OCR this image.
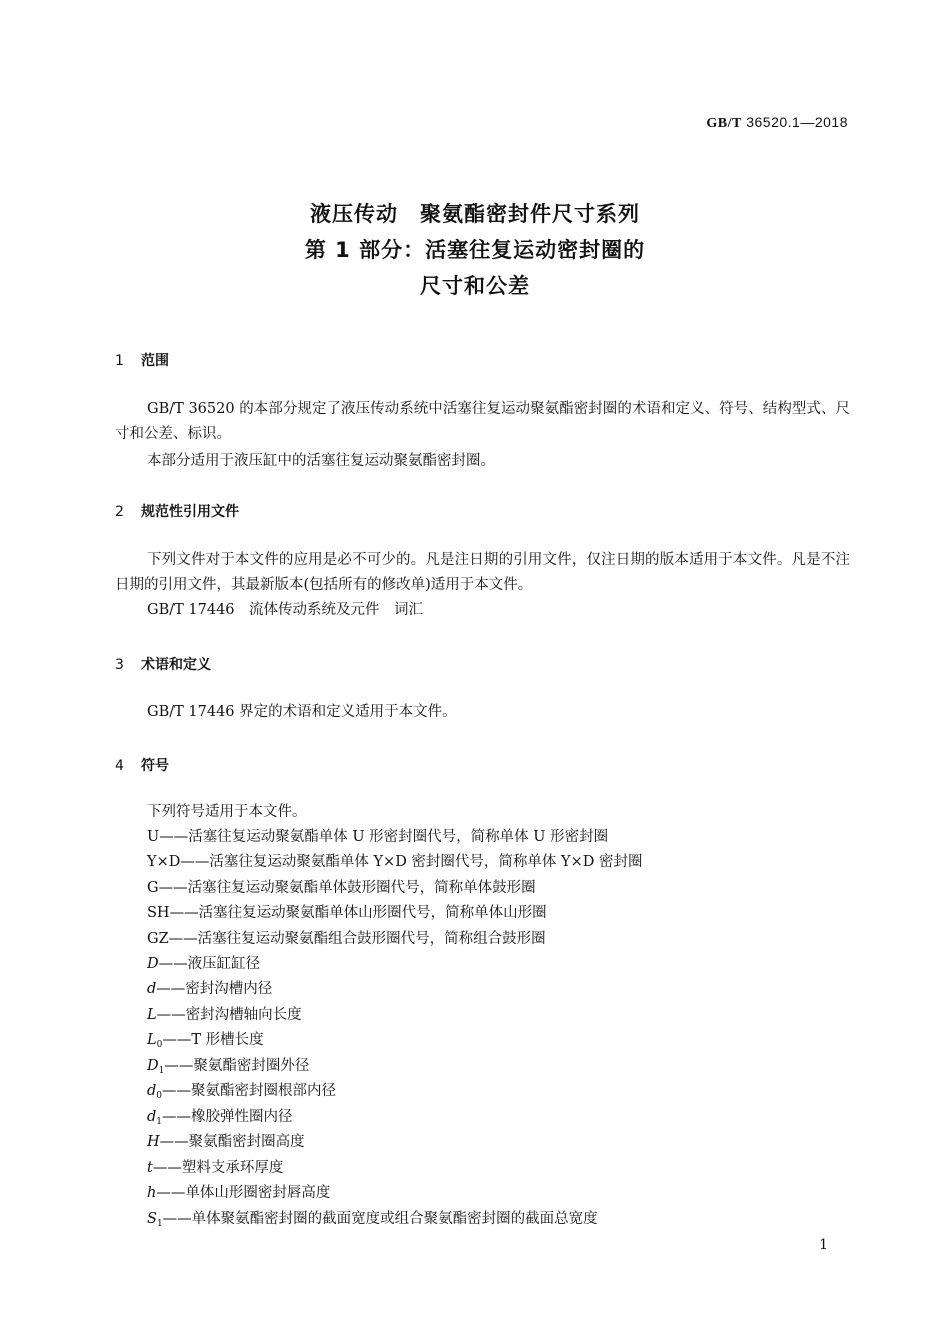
GB/T 36520.1—2018
液压传动　聚氨酯密封件尺寸系列
第 1 部分：活塞往复运动密封圈的
尺寸和公差
1 范围
GB/T 36520 的本部分规定了液压传动系统中活塞往复运动聚氨酯密封圈的术语和定义、符号、结构型式、尺寸和公差、标识。
本部分适用于液压缸中的活塞往复运动聚氨酯密封圈。
2 规范性引用文件
下列文件对于本文件的应用是必不可少的。凡是注日期的引用文件，仅注日期的版本适用于本文件。凡是不注日期的引用文件，其最新版本(包括所有的修改单)适用于本文件。
GB/T 17446　流体传动系统及元件　词汇
3 术语和定义
GB/T 17446 界定的术语和定义适用于本文件。
4 符号
下列符号适用于本文件。
U——活塞往复运动聚氨酯单体 U 形密封圈代号，简称单体 U 形密封圈
Y×D——活塞往复运动聚氨酯单体 Y×D 密封圈代号，简称单体 Y×D 密封圈
G——活塞往复运动聚氨酯单体鼓形圈代号，简称单体鼓形圈
SH——活塞往复运动聚氨酯单体山形圈代号，简称单体山形圈
GZ——活塞往复运动聚氨酯组合鼓形圈代号，简称组合鼓形圈
D——液压缸缸径
d——密封沟槽内径
L——密封沟槽轴向长度
$L_0——T$ 形槽长度
$D_1——$聚氨酯密封圈外径
$d_0——$聚氨酯密封圈根部内径
$d_1——$橡胶弹性圈内径
H——聚氨酯密封圈高度
t——塑料支承环厚度
h——单体山形圈密封唇高度
$S_1——$单体聚氨酯密封圈的截面宽度或组合聚氨酯密封圈的截面总宽度
1
